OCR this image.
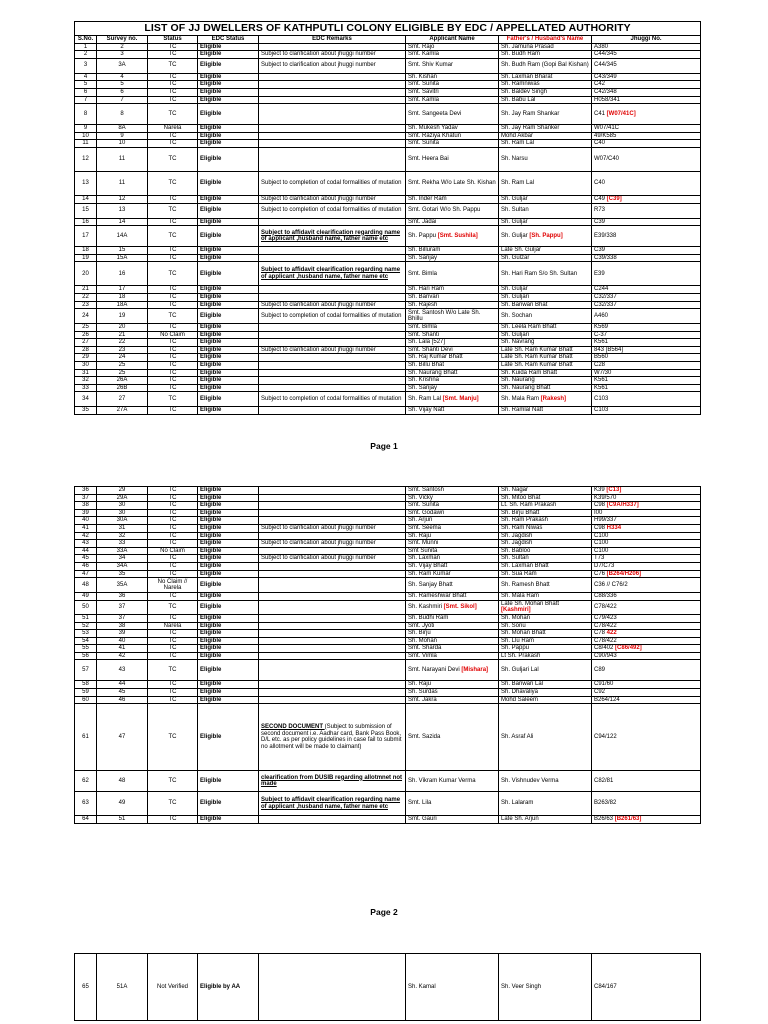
LIST OF JJ DWELLERS OF KATHPUTLI COLONY ELIGIBLE BY EDC / APPELLATED AUTHORITY							
S.No.	Survey no.	Status	EDC Status	EDC Remarks	Applicant Name	Father's / Husband's Name	Jhuggi No.
1	2	TC	Eligible		Smt. Rajo	Sh. Jamuna Prasad	A380
2	3	TC	Eligible	Subject to clarification about jhuggi number	Smt. Kamla	Sh. Budh Ram	C44/345
3	3A	TC	Eligible	Subject to clarification about jhuggi number	Smt. Shiv Kumar	Sh. Budh Ram (Gopi Bal Kishan)	C44/345
4	4	TC	Eligible		Sh. Kishan	Sh. Laxman Bharat	C43/349
5	5	TC	Eligible		Smt. Sunita	Sh. Ramniwas	C42
6	6	TC	Eligible		Smt. Savitri	Sh. Baldev Singh	C42/348
7	7	TC	Eligible		Smt. Kamla	Sh. Babu Lal	H058/341
8	8	TC	Eligible		Smt. Sangeeta Devi	Sh. Jay Ram Shankar	C41 [W07/41C]
9	8A	Narela	Eligible		Sh. Mukesh Yadav	Sh. Jay Ram Shanker	W07/41C
10	9	TC	Eligible		Smt. Raziya Khatun	Mohd Akbar	49/K585
11	10	TC	Eligible		Smt. Sunita	Sh. Ram Lal	C40
12	11	TC	Eligible		Smt. Heera Bai	Sh. Narsu	W07/C40
13	11	TC	Eligible	Subject to completion of codal formalities of mutation	Smt. Rekha W/o Late Sh. Kishan	Sh. Ram Lal	C40
14	12	TC	Eligible	Subject to clarification about jhuggi number	Sh. Inder Ram	Sh. Guljar	C49 [C39]
15	13	TC	Eligible	Subject to completion of codal formalities of mutation	Smt. Gotari W/o Sh. Pappu	Sh. Sultan	R73
16	14	TC	Eligible		Smt. Jadai	Sh. Guljar	C39
17	14A	TC	Eligible	Subject to affidavit clearification regarding name of applicant ,husband name, father name etc	Sh. Pappu [Smt. Sushila]	Sh. Guljar [Sh. Pappu]	E39/338
18	15	TC	Eligible		Sh. Billuram	Late Sh. Guljar	C39
19	15A	TC	Eligible		Sh. Sanjay	Sh. Gulzar	C39/338
20	16	TC	Eligible	Subject to affidavit clearification regarding name of applicant ,husband name, father name etc	Smt. Bimla	Sh. Hari Ram S/o Sh. Sultan	E39
21	17	TC	Eligible		Sh. Hari Ram	Sh. Guljar	C244
22	18	TC	Eligible		Sh. Banvari	Sh. Guljari	C32/337
23	18A	TC	Eligible	Subject to clarification about jhuggi number	Sh. Rajesh	Sh. Banwari Bhat	C32/337
24	19	TC	Eligible	Subject to completion of codal formalities of mutation	Smt. Santosh W/o Late Sh. Bhillu	Sh. Sochan	A460
25	20	TC	Eligible		Smt. Bimla	Sh. Leela Ram Bhatt	K569
26	21	No Claim	Eligible		Smt. Shanti	Sh. Guljari	C-37
27	22	TC	Eligible		Sh. Lala [527]	Sh. Navrang	K561
28	23	TC	Eligible	Subject to clarification about jhuggi number	Smt. Shanti Devi	Late Sh. Ram Kumar Bhatt	843 [B564]
29	24	TC	Eligible		Sh. Raj Kumar Bhatt	Late Sh. Ram Kumar Bhatt	B560
30	25	TC	Eligible		Sh. Billu Bhat	Late Sh. Ram Kumar Bhatt	C28
31	25	TC	Eligible		Sh. Naurang Bhatt	Sh. Kuida Ram Bhatt	W7/30
32	26A	TC	Eligible		Sh. Krishna	Sh. Naurang	K561
33	26B	TC	Eligible		Sh. Sanjay	Sh. Naurang Bhatt	K561
34	27	TC	Eligible	Subject to completion of codal formalities of mutation	Sh. Ram Lal [Smt. Manju]	Sh. Mala Ram [Rakesh]	C103
35	27A	TC	Eligible		Sh. Vijay Natt	Sh. Ramlal Natt	C103
Page 1
36	29	TC	Eligible		Smt. Santosh	Sh. Nagar	K39 [C13]
37	29A	TC	Eligible		Sh. Vicky	Sh. Mitoo Bhat	K39/570
38	30	TC	Eligible		Smt. Sunita	Lt. Sh. Ram Prakash	C98 [C9A/H337]
39	30	TC	Eligible		Smt. Godawri	Sh. Birju Bhatt	I00
40	30A	TC	Eligible		Sh. Arjun	Sh. Ram Prakash	H99/337
41	31	TC	Eligible	Subject to clarification about jhuggi number	Smt. Seema	Sh. Ram Niwas	C98 H334
42	32	TC	Eligible		Sh. Raju	Sh. Jagdish	C100
43	33	TC	Eligible	Subject to clarification about jhuggi number	Smt. Munni	Sh. Jagdish	C100
44	33A	No Claim	Eligible		Smt Sunita	Sh. Babloo	C100
45	34	TC	Eligible	Subject to clarification about jhuggi number	Sh. Laxman	Sh. Sultan	T73
46	34A	TC	Eligible		Sh. Vijay Bhatt	Sh. Laxman Bhatt	D7/C73
47	35	TC	Eligible		Sh. Ram Kumar	Sh. Sua Ram	C76 [B264/H206]
48	35A	No Claim // Narela	Eligible		Sh. Sanjay Bhatt	Sh. Ramesh Bhatt	C36 // C76/2
49	36	TC	Eligible		Sh. Rameshwar Bhatt	Sh. Mala Ram	C88/336
50	37	TC	Eligible		Sh. Kashmiri [Smt. Sikol]	Late Sh. Mohan Bhatt [Kashmiri]	C78/422
51	37	TC	Eligible		Sh. Budhi Ram	Sh. Mohan	C79/423
52	38	Narela	Eligible		Smt. Jyoti	Sh. Sonu	C78/422
53	39	TC	Eligible		Sh. Birju	Sh. Mohan Bhatt	C78 422
54	40	TC	Eligible		Sh. Mohan	Sh. Llu Ram	C78/422
55	41	TC	Eligible		Smt. Sharda	Sh. Pappu	C8/402 [C86/492]
56	42	TC	Eligible		Smt. Vimla	Lt Sh. Prakash	C90/943
57	43	TC	Eligible		Smt. Narayani Devi [Mishara]	Sh. Guljari Lal	C89
58	44	TC	Eligible		Sh. Raju	Sh. Banwari Lal	C91/60
59	45	TC	Eligible		Sh. Surdas	Sh. Dhavaliya	C92
60	46	TC	Eligible		Smt. Jakra	Mohd Saleem	B264/124
61	47	TC	Eligible	SECOND DOCUMENT (Subject to submission of second document i.e. Aadhar card, Bank Pass Book, D/L etc. as per policy guidelines in case fail to submit no allotment will be made to claimant)	Smt. Sazida	Sh. Asraf Ali	C94/122
62	48	TC	Eligible	clearification from DUSIB regarding allotmnet not made	Sh. Vikram Kumar Verma	Sh. Vishnudev Verma	C82/81
63	49	TC	Eligible	Subject to affidavit clearification regarding name of applicant ,husband name, father name etc	Smt. Lila	Sh. Lalaram	B263/82
64	51	TC	Eligible		Smt. Gauri	Late Sh. Arjun	B26/63 [B261/63]
Page 2
65	51A	Not Verified	Eligible by AA		Sh. Kamal	Sh. Veer Singh	C84/167
